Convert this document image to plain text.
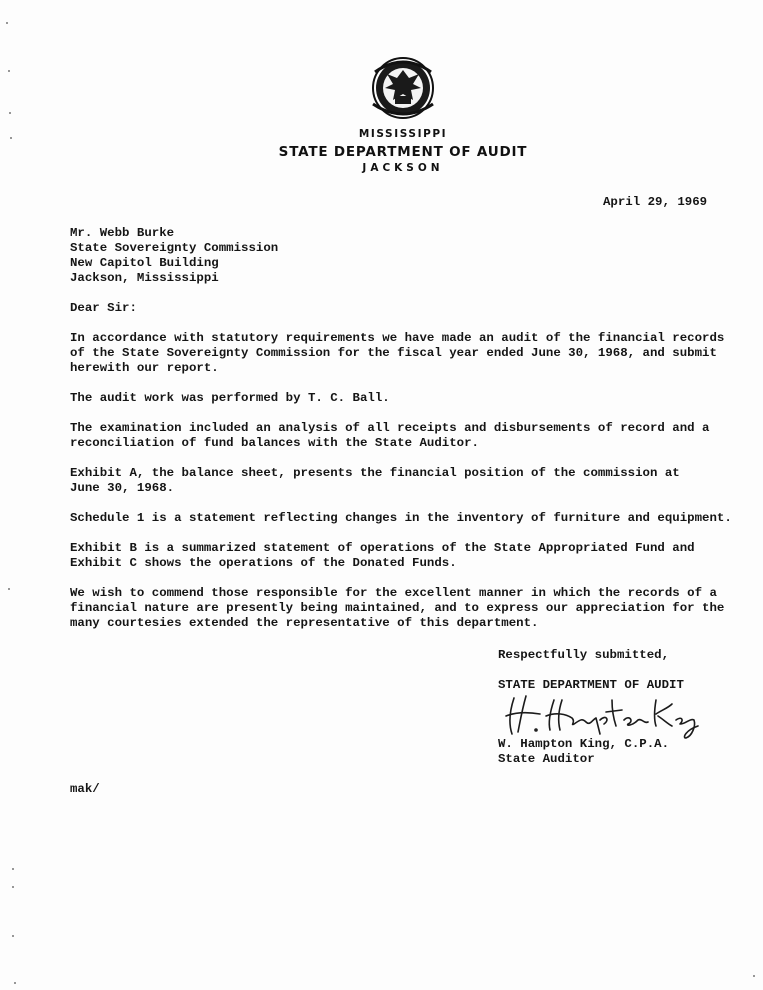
MISSISSIPPI
STATE DEPARTMENT OF AUDIT
JACKSON
April 29, 1969
Mr. Webb Burke
State Sovereignty Commission
New Capitol Building
Jackson, Mississippi
Dear Sir:
In accordance with statutory requirements we have made an audit of the financial records
of the State Sovereignty Commission for the fiscal year ended June 30, 1968, and submit
herewith our report.
The audit work was performed by T. C. Ball.
The examination included an analysis of all receipts and disbursements of record and a
reconciliation of fund balances with the State Auditor.
Exhibit A, the balance sheet, presents the financial position of the commission at
June 30, 1968.
Schedule 1 is a statement reflecting changes in the inventory of furniture and equipment.
Exhibit B is a summarized statement of operations of the State Appropriated Fund and
Exhibit C shows the operations of the Donated Funds.
We wish to commend those responsible for the excellent manner in which the records of a
financial nature are presently being maintained, and to express our appreciation for the
many courtesies extended the representative of this department.
Respectfully submitted,
STATE DEPARTMENT OF AUDIT
W. Hampton King, C.P.A.
State Auditor
mak/
